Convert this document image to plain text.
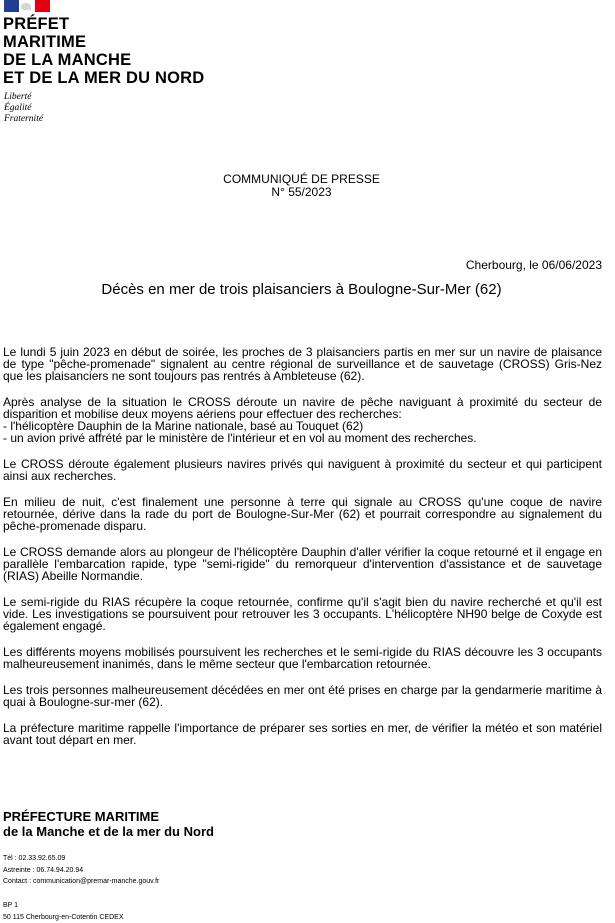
PRÉFET
MARITIME
DE LA MANCHE
ET DE LA MER DU NORD
Liberté
Égalité
Fraternité
COMMUNIQUÉ DE PRESSE
N° 55/2023
Cherbourg, le 06/06/2023
Décès en mer de trois plaisanciers à Boulogne-Sur-Mer (62)

Le lundi 5 juin 2023 en début de soirée, les proches de 3 plaisanciers partis en mer sur un navire de plaisance de type "pêche-promenade" signalent au centre régional de surveillance et de sauvetage (CROSS) Gris-Nez que les plaisanciers ne sont toujours pas rentrés à Ambleteuse (62).

Après analyse de la situation le CROSS déroute un navire de pêche naviguant à proximité du secteur de disparition et mobilise deux moyens aériens pour effectuer des recherches:
- l'hélicoptère Dauphin de la Marine nationale, basé au Touquet (62)
- un avion privé affrété par le ministère de l'intérieur et en vol au moment des recherches.

Le CROSS déroute également plusieurs navires privés qui naviguent à proximité du secteur et qui participent ainsi aux recherches.

En milieu de nuit, c'est finalement une personne à terre qui signale au CROSS qu'une coque de navire retournée, dérive dans la rade du port de Boulogne-Sur-Mer (62) et pourrait correspondre au signalement du pêche-promenade disparu.

Le CROSS demande alors au plongeur de l'hélicoptère Dauphin d'aller vérifier la coque retourné et il engage en parallèle l'embarcation rapide, type "semi-rigide" du remorqueur d'intervention d'assistance et de sauvetage (RIAS) Abeille Normandie.

Le semi-rigide du RIAS récupère la coque retournée, confirme qu'il s'agit bien du navire recherché et qu'il est vide. Les investigations se poursuivent pour retrouver les 3 occupants. L'hélicoptère NH90 belge de Coxyde est également engagé.

Les différents moyens mobilisés poursuivent les recherches et le semi-rigide du RIAS découvre les 3 occupants malheureusement inanimés, dans le même secteur que l'embarcation retournée.

Les trois personnes malheureusement décédées en mer ont été prises en charge par la gendarmerie maritime à quai à Boulogne-sur-mer (62).

La préfecture maritime rappelle l'importance de préparer ses sorties en mer, de vérifier la météo et son matériel avant tout départ en mer.

PRÉFECTURE MARITIME
de la Manche et de la mer du Nord
Tél : 02.33.92.65.09
Astreinte : 06.74.94.20.94
Contact : communication@premar-manche.gouv.fr
BP 1
50 115 Cherbourg-en-Cotentin CEDEX
